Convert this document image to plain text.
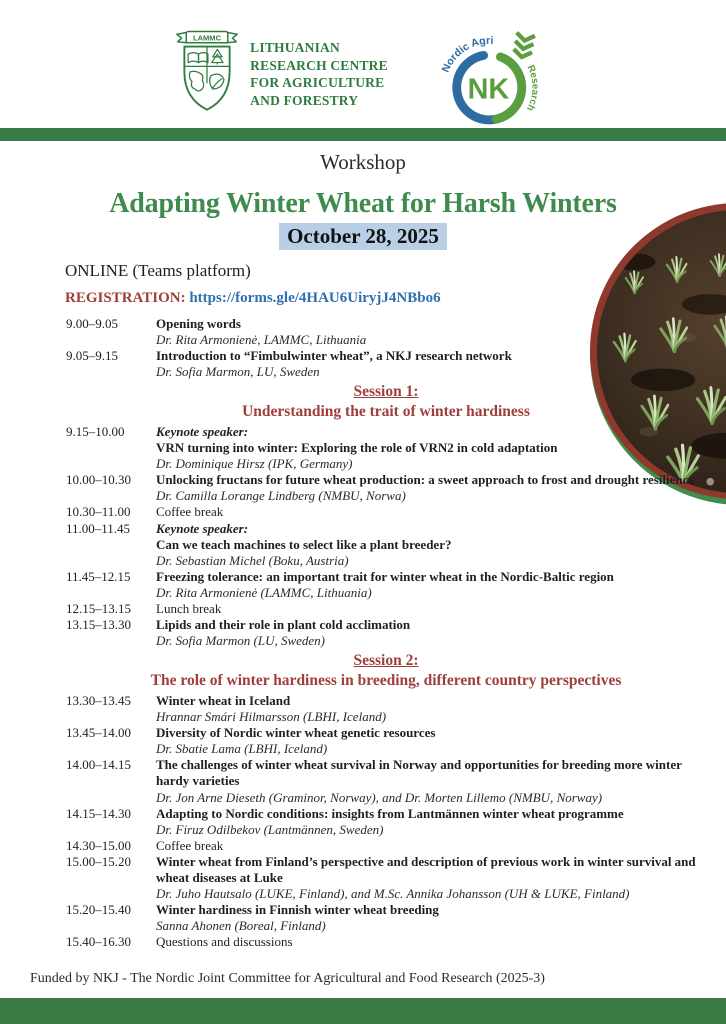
LAMMC
LITHUANIAN
RESEARCH CENTRE
FOR AGRICULTURE
AND FORESTRY	NK
Nordic Agri
Research
Workshop
Adapting Winter Wheat for Harsh Winters
October 28, 2025
ONLINE (Teams platform)
REGISTRATION: https://forms.gle/4HAU6UiryjJ4NBbo6
9.00–9.05	Opening words
Dr. Rita Armonienė, LAMMC, Lithuania
9.05–9.15	Introduction to “Fimbulwinter wheat”, a NKJ research network
Dr. Sofia Marmon, LU, Sweden
Session 1:
Understanding the trait of winter hardiness
9.15–10.00	Keynote speaker:
VRN turning into winter: Exploring the role of VRN2 in cold adaptation
Dr. Dominique Hirsz (IPK, Germany)
10.00–10.30	Unlocking fructans for future wheat production: a sweet approach to frost and drought resilience
Dr. Camilla Lorange Lindberg (NMBU, Norwa)
10.30–11.00	Coffee break
11.00–11.45	Keynote speaker:
Can we teach machines to select like a plant breeder?
Dr. Sebastian Michel (Boku, Austria)
11.45–12.15	Freezing tolerance: an important trait for winter wheat in the Nordic-Baltic region
Dr. Rita Armonienė (LAMMC, Lithuania)
12.15–13.15	Lunch break
13.15–13.30	Lipids and their role in plant cold acclimation
Dr. Sofia Marmon (LU, Sweden)
Session 2:
The role of winter hardiness in breeding, different country perspectives
13.30–13.45	Winter wheat in Iceland
Hrannar Smári Hilmarsson (LBHI, Iceland)
13.45–14.00	Diversity of Nordic winter wheat genetic resources
Dr. Sbatie Lama (LBHI, Iceland)
14.00–14.15	The challenges of winter wheat survival in Norway and opportunities for breeding more winter hardy varieties
Dr. Jon Arne Dieseth (Graminor, Norway), and Dr. Morten Lillemo (NMBU, Norway)
14.15–14.30	Adapting to Nordic conditions: insights from Lantmännen winter wheat programme
Dr. Firuz Odilbekov (Lantmännen, Sweden)
14.30–15.00	Coffee break
15.00–15.20	Winter wheat from Finland’s perspective and description of previous work in winter survival and wheat diseases at Luke
Dr. Juho Hautsalo (LUKE, Finland), and M.Sc. Annika Johansson (UH & LUKE, Finland)
15.20–15.40	Winter hardiness in Finnish winter wheat breeding
Sanna Ahonen (Boreal, Finland)
15.40–16.30	Questions and discussions
Funded by NKJ - The Nordic Joint Committee for Agricultural and Food Research (2025-3)
